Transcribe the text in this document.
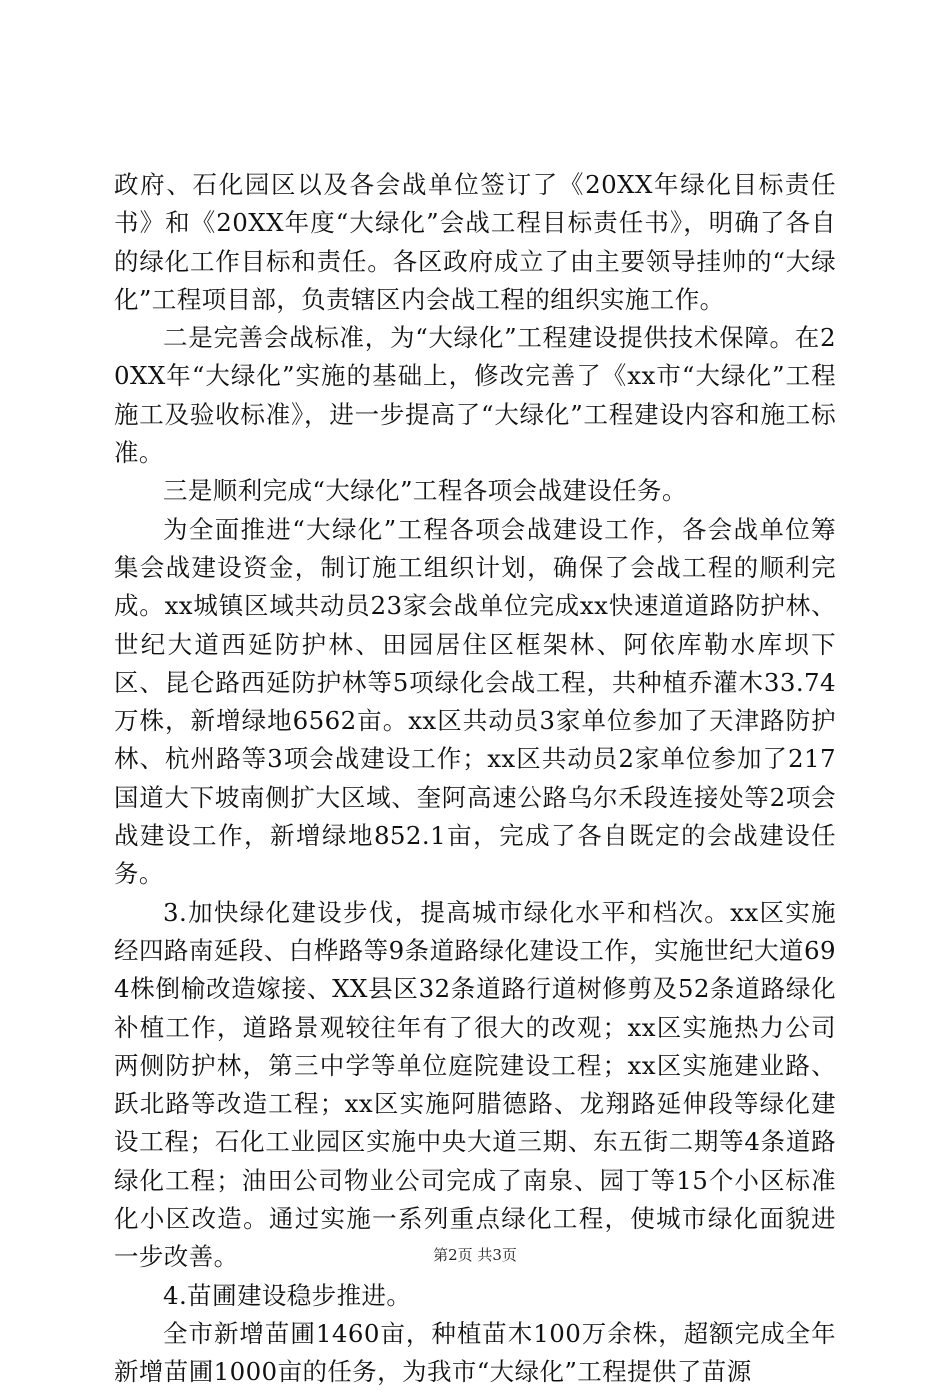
政府、石化园区以及各会战单位签订了《20XX年绿化目标责任书》和《20XX年度“大绿化”会战工程目标责任书》，明确了各自的绿化工作目标和责任。各区政府成立了由主要领导挂帅的“大绿化”工程项目部，负责辖区内会战工程的组织实施工作。

二是完善会战标准，为“大绿化”工程建设提供技术保障。在20XX年“大绿化”实施的基础上，修改完善了《xx市“大绿化”工程施工及验收标准》，进一步提高了“大绿化”工程建设内容和施工标准。

三是顺利完成“大绿化”工程各项会战建设任务。

为全面推进“大绿化”工程各项会战建设工作，各会战单位筹集会战建设资金，制订施工组织计划，确保了会战工程的顺利完成。xx城镇区域共动员23家会战单位完成xx快速道道路防护林、世纪大道西延防护林、田园居住区框架林、阿依库勒水库坝下区、昆仑路西延防护林等5项绿化会战工程，共种植乔灌木33.74万株，新增绿地6562亩。xx区共动员3家单位参加了天津路防护林、杭州路等3项会战建设工作；xx区共动员2家单位参加了217国道大下坡南侧扩大区域、奎阿高速公路乌尔禾段连接处等2项会战建设工作，新增绿地852.1亩，完成了各自既定的会战建设任务。

3.加快绿化建设步伐，提高城市绿化水平和档次。xx区实施经四路南延段、白桦路等9条道路绿化建设工作，实施世纪大道694株倒榆改造嫁接、XX县区32条道路行道树修剪及52条道路绿化补植工作，道路景观较往年有了很大的改观；xx区实施热力公司两侧防护林，第三中学等单位庭院建设工程；xx区实施建业路、跃北路等改造工程；xx区实施阿腊德路、龙翔路延伸段等绿化建设工程；石化工业园区实施中央大道三期、东五街二期等4条道路绿化工程；油田公司物业公司完成了南泉、园丁等15个小区标准化小区改造。通过实施一系列重点绿化工程，使城市绿化面貌进一步改善。

4.苗圃建设稳步推进。

全市新增苗圃1460亩，种植苗木100万余株，超额完成全年新增苗圃1000亩的任务，为我市“大绿化”工程提供了苗源

第2页 共3页
